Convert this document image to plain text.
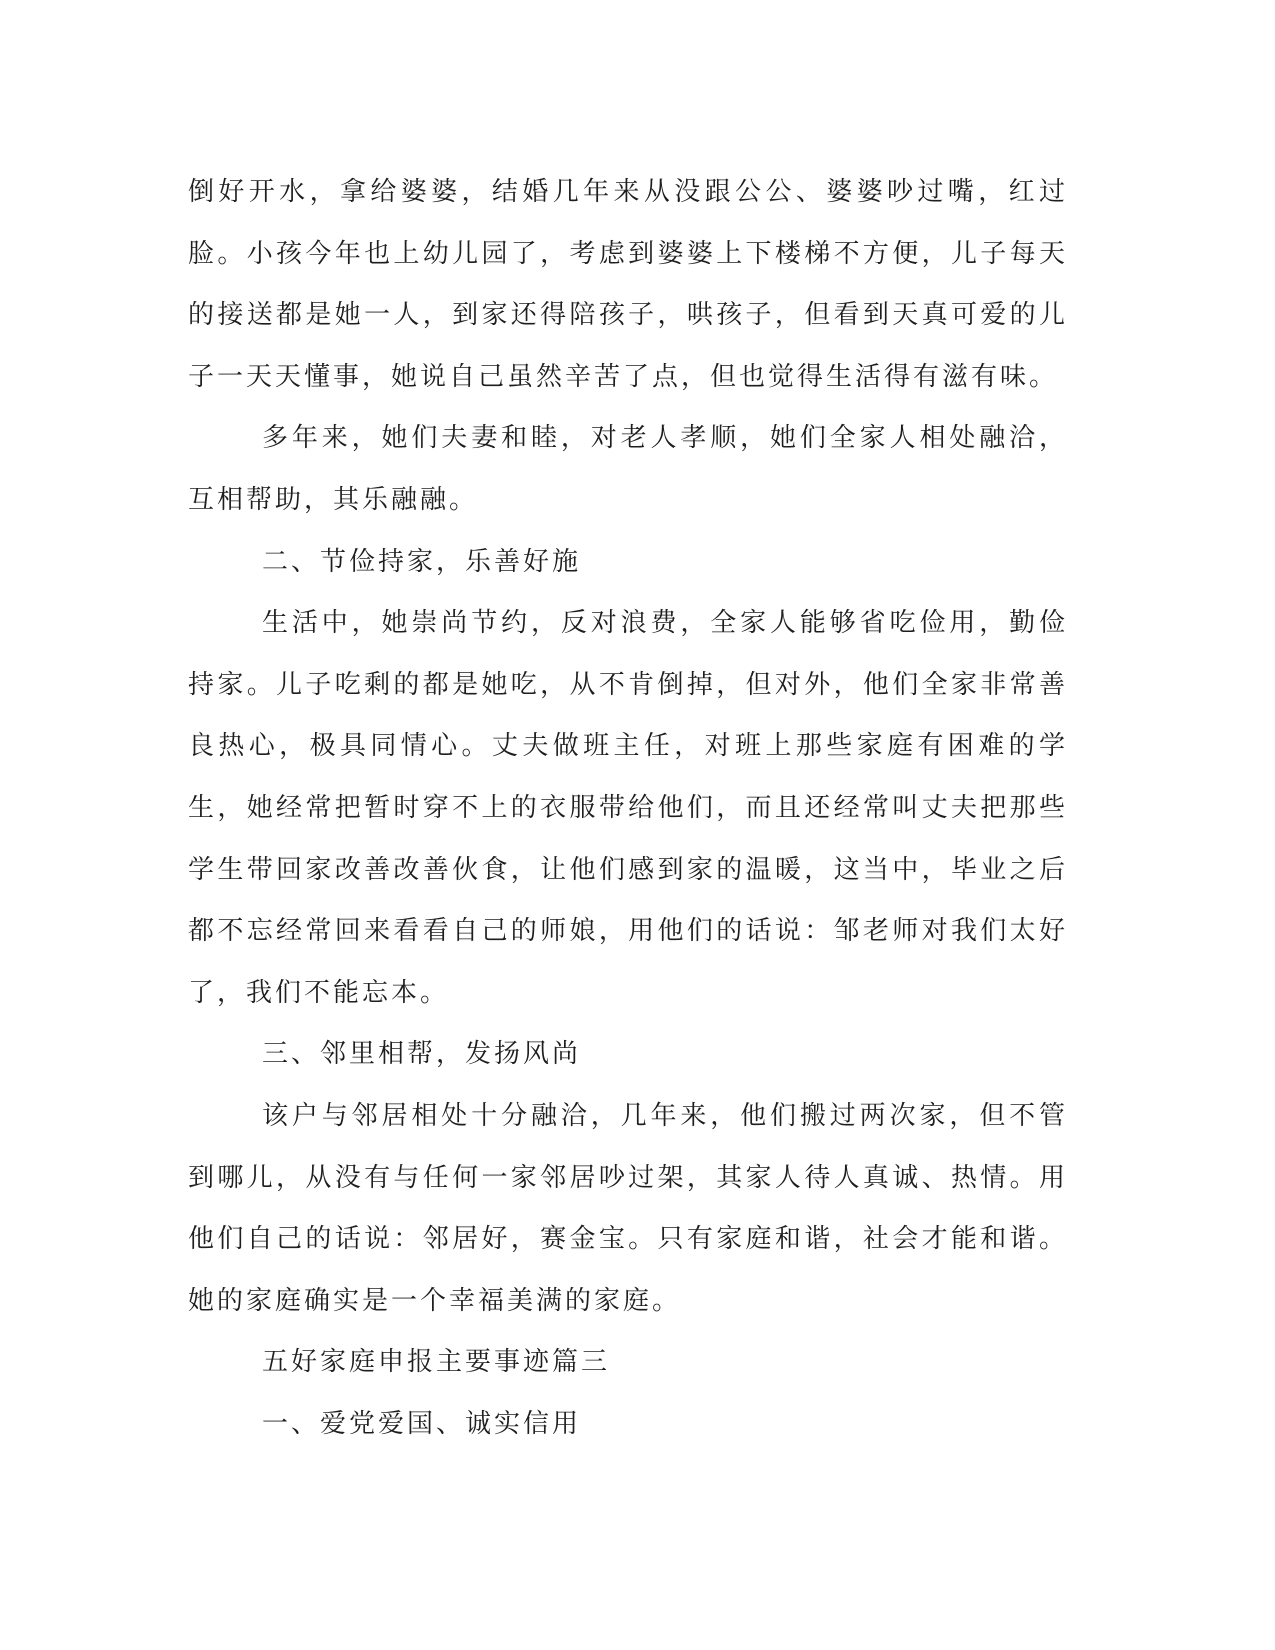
倒好开水，拿给婆婆，结婚几年来从没跟公公、婆婆吵过嘴，红过脸。小孩今年也上幼儿园了，考虑到婆婆上下楼梯不方便，儿子每天的接送都是她一人，到家还得陪孩子，哄孩子，但看到天真可爱的儿子一天天懂事，她说自己虽然辛苦了点，但也觉得生活得有滋有味。

多年来，她们夫妻和睦，对老人孝顺，她们全家人相处融洽，互相帮助，其乐融融。

二、节俭持家，乐善好施

生活中，她崇尚节约，反对浪费，全家人能够省吃俭用，勤俭持家。儿子吃剩的都是她吃，从不肯倒掉，但对外，他们全家非常善良热心，极具同情心。丈夫做班主任，对班上那些家庭有困难的学生，她经常把暂时穿不上的衣服带给他们，而且还经常叫丈夫把那些学生带回家改善改善伙食，让他们感到家的温暖，这当中，毕业之后都不忘经常回来看看自己的师娘，用他们的话说：邹老师对我们太好了，我们不能忘本。

三、邻里相帮，发扬风尚

该户与邻居相处十分融洽，几年来，他们搬过两次家，但不管到哪儿，从没有与任何一家邻居吵过架，其家人待人真诚、热情。用他们自己的话说：邻居好，赛金宝。只有家庭和谐，社会才能和谐。她的家庭确实是一个幸福美满的家庭。

五好家庭申报主要事迹篇三

一、爱党爱国、诚实信用
